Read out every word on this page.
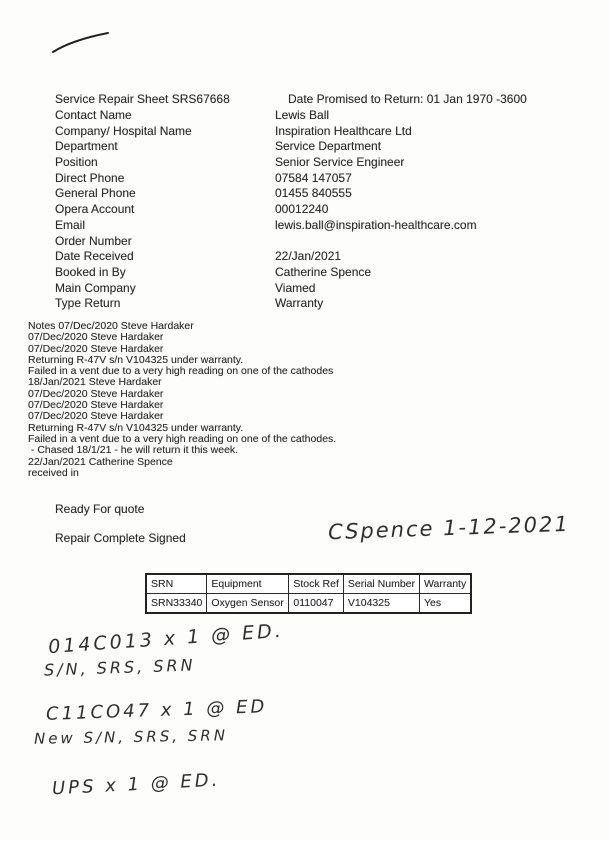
Service Repair Sheet SRS67668	Date Promised to Return: 01 Jan 1970 -3600
Contact Name	Lewis Ball
Company/ Hospital Name	Inspiration Healthcare Ltd
Department	Service Department
Position	Senior Service Engineer
Direct Phone	07584 147057
General Phone	01455 840555
Opera Account	00012240
Email	lewis.ball@inspiration-healthcare.com
Order Number
Date Received	22/Jan/2021
Booked in By	Catherine Spence
Main Company	Viamed
Type Return	Warranty
Notes 07/Dec/2020 Steve Hardaker
07/Dec/2020 Steve Hardaker
07/Dec/2020 Steve Hardaker
Returning R-47V s/n V104325 under warranty.
Failed in a vent due to a very high reading on one of the cathodes
18/Jan/2021 Steve Hardaker
07/Dec/2020 Steve Hardaker
07/Dec/2020 Steve Hardaker
07/Dec/2020 Steve Hardaker
Returning R-47V s/n V104325 under warranty.
Failed in a vent due to a very high reading on one of the cathodes.
- Chased 18/1/21 - he will return it this week.
22/Jan/2021 Catherine Spence
received in
Ready For quote
Repair Complete Signed	CSpence 1-12-2021
SRN	Equipment	Stock Ref	Serial Number	Warranty
SRN33340	Oxygen Sensor	0110047	V104325	Yes
014C013 x 1 @ ED.
S/N, SRS, SRN
C11CO47 x 1 @ ED
New S/N, SRS, SRN
UPS x 1 @ ED.
